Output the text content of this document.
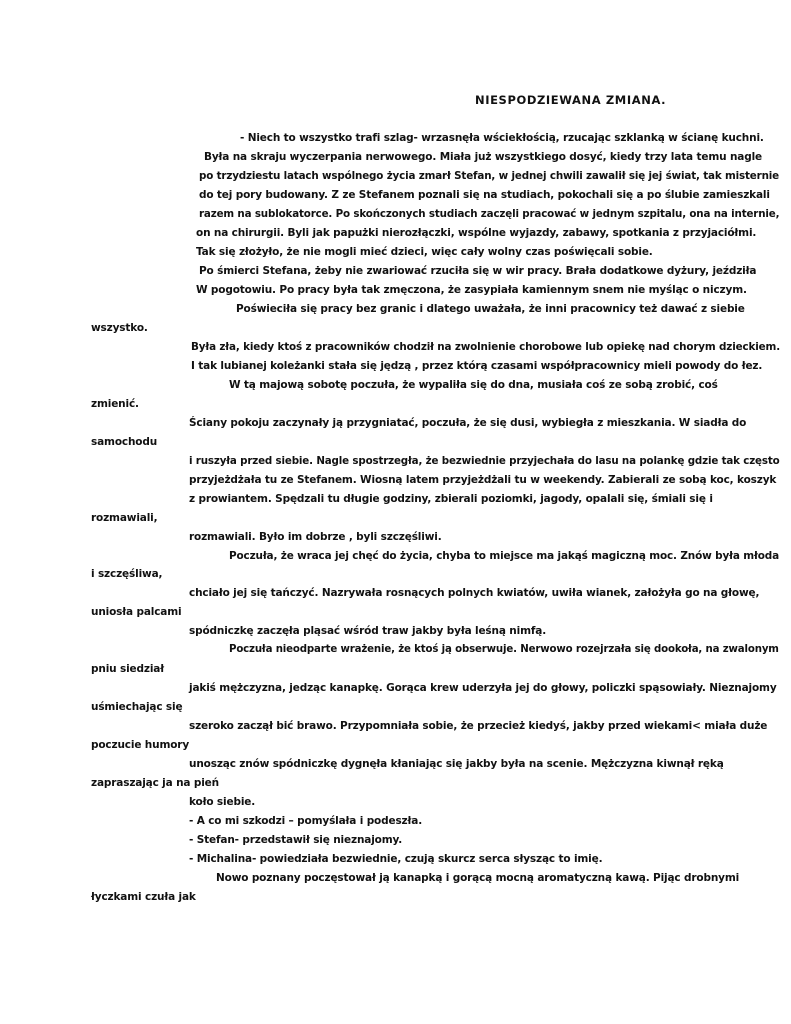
NIESPODZIEWANA ZMIANA.
- Niech to wszystko trafi szlag- wrzasnęła wściekłością, rzucając szklanką w ścianę kuchni.
Była na skraju wyczerpania nerwowego. Miała już wszystkiego dosyć, kiedy trzy lata temu nagle
po trzydziestu latach wspólnego życia zmarł Stefan, w jednej chwili zawalił się jej świat, tak misternie
do tej pory budowany. Z ze Stefanem poznali się na studiach, pokochali się a po ślubie zamieszkali
razem na sublokatorce. Po skończonych studiach zaczęli pracować w jednym szpitalu, ona na internie,
on na chirurgii. Byli jak papużki nierozłączki, wspólne wyjazdy, zabawy, spotkania z przyjaciółmi.
Tak się złożyło, że nie mogli mieć dzieci, więc cały wolny czas poświęcali sobie.
Po śmierci Stefana, żeby nie zwariować rzuciła się w wir pracy. Brała dodatkowe dyżury, jeździła
W pogotowiu. Po pracy była tak zmęczona, że zasypiała kamiennym snem nie myśląc o niczym.
Poświeciła się pracy bez granic i dlatego uważała, że inni pracownicy też dawać z siebie
wszystko.
Była zła, kiedy ktoś z pracowników chodził na zwolnienie chorobowe lub opiekę nad chorym dzieckiem.
I tak lubianej koleżanki stała się jędzą , przez którą czasami współpracownicy mieli powody do łez.
W tą majową sobotę poczuła, że wypaliła się do dna, musiała coś ze sobą zrobić, coś
zmienić.
Ściany pokoju zaczynały ją przygniatać, poczuła, że się dusi, wybiegła z mieszkania. W siadła do
samochodu
i ruszyła przed siebie. Nagle spostrzegła, że bezwiednie przyjechała do lasu na polankę gdzie tak często
przyjeżdżała tu ze Stefanem. Wiosną latem przyjeżdżali tu w weekendy. Zabierali ze sobą koc, koszyk
z prowiantem. Spędzali tu długie godziny, zbierali poziomki, jagody, opalali się, śmiali się i
rozmawiali,
rozmawiali. Było im dobrze , byli szczęśliwi.
Poczuła, że wraca jej chęć do życia, chyba to miejsce ma jakąś magiczną moc. Znów była młoda
i szczęśliwa,
chciało jej się tańczyć. Nazrywała rosnących polnych kwiatów, uwiła wianek, założyła go na głowę,
uniosła palcami
spódniczkę zaczęła pląsać wśród traw jakby była leśną nimfą.
Poczuła nieodparte wrażenie, że ktoś ją obserwuje. Nerwowo rozejrzała się dookoła, na zwalonym
pniu siedział
jakiś mężczyzna, jedząc kanapkę. Gorąca krew uderzyła jej do głowy, policzki spąsowiały. Nieznajomy
uśmiechając się
szeroko zaczął bić brawo. Przypomniała sobie, że przecież kiedyś, jakby przed wiekami< miała duże
poczucie humory
unosząc znów spódniczkę dygnęła kłaniając się jakby była na scenie. Mężczyzna kiwnął ręką
zapraszając ja na pień
koło siebie.
- A co mi szkodzi – pomyślała i podeszła.
- Stefan- przedstawił się nieznajomy.
- Michalina- powiedziała bezwiednie, czują skurcz serca słysząc to imię.
Nowo poznany poczęstował ją kanapką i gorącą mocną aromatyczną kawą. Pijąc drobnymi
łyczkami czuła jak
